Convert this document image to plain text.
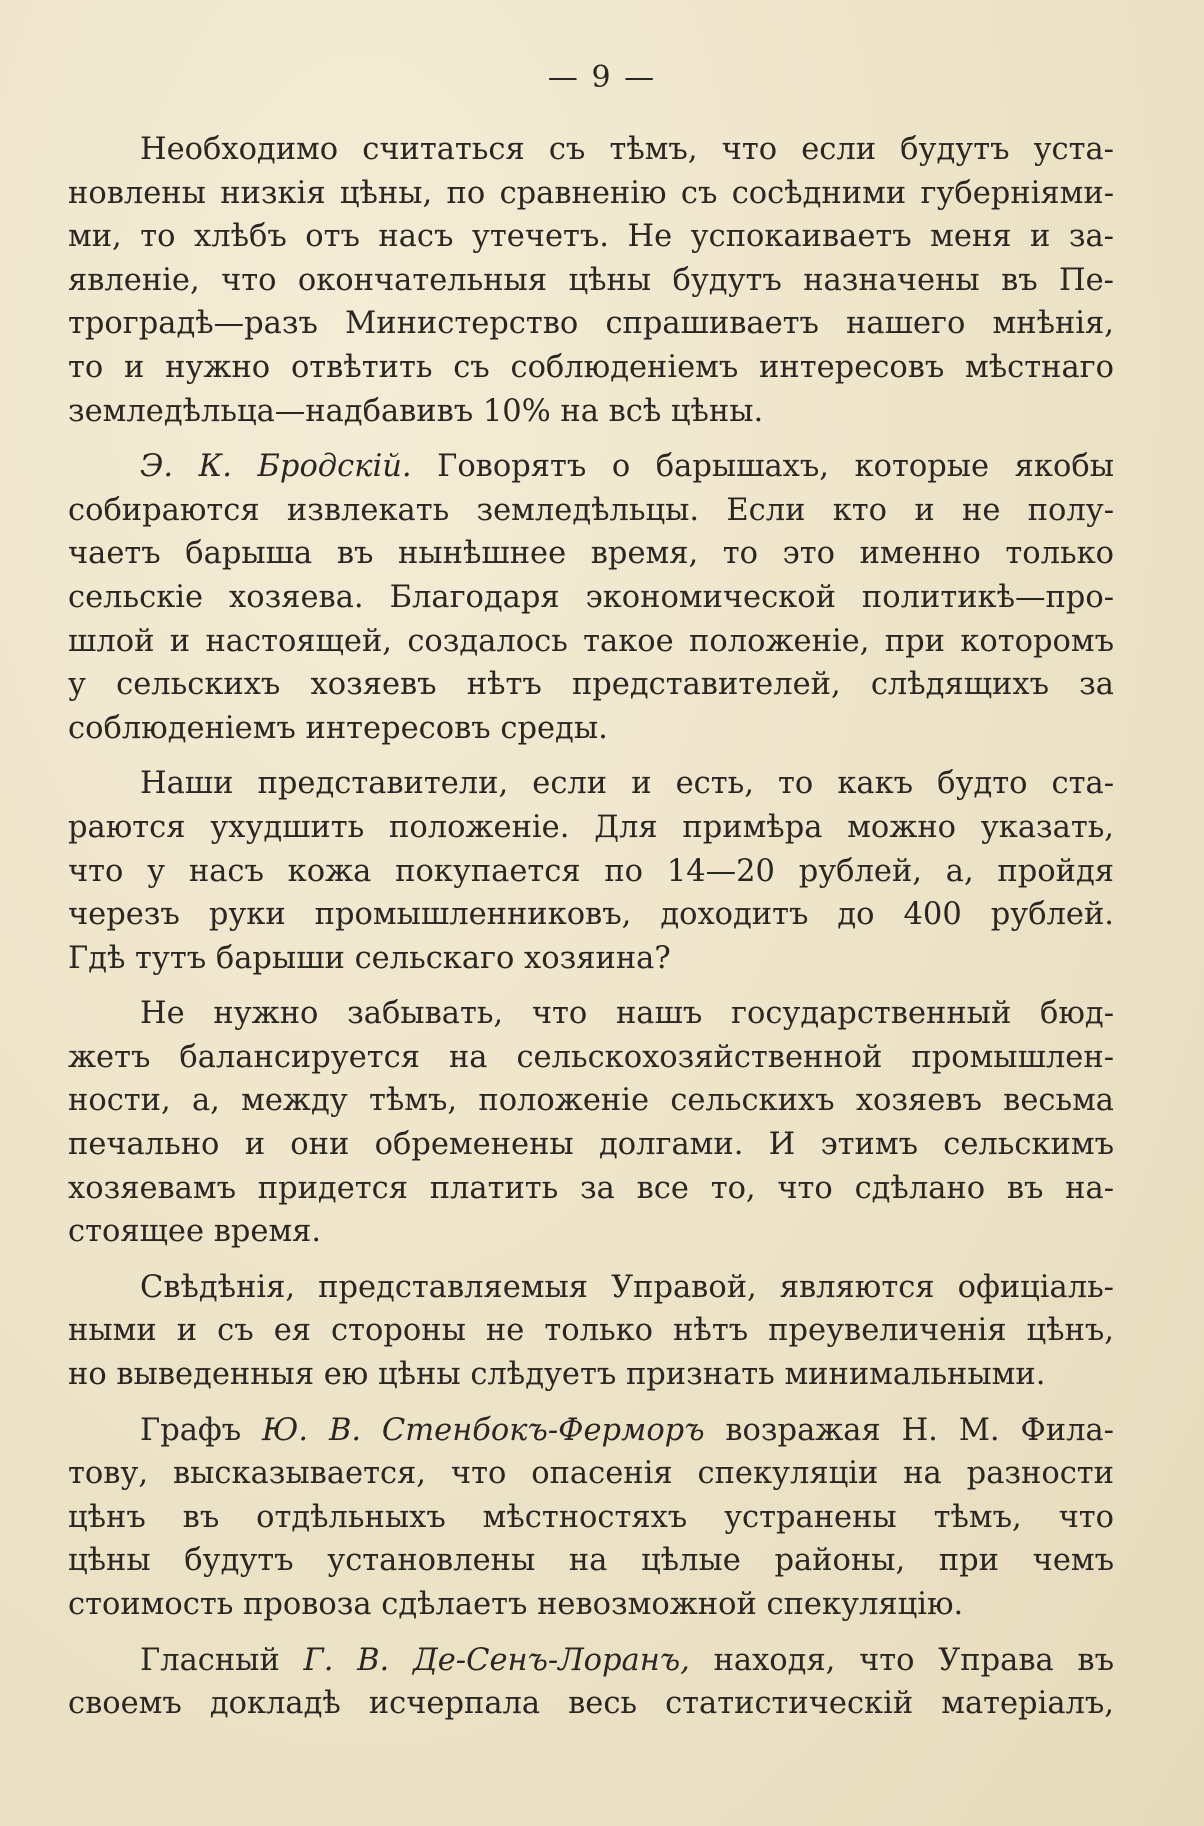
— 9 —
Необходимо считаться съ тѣмъ, что если будутъ уста-
новлены низкія цѣны, по сравненію съ сосѣдними губерніями-
ми, то хлѣбъ отъ насъ утечетъ. Не успокаиваетъ меня и за-
явленіе, что окончательныя цѣны будутъ назначены въ Пе-
троградѣ—разъ Министерство спрашиваетъ нашего мнѣнія,
то и нужно отвѣтить съ соблюденіемъ интересовъ мѣстнаго
земледѣльца—надбавивъ 10% на всѣ цѣны.
Э. К. Бродскій. Говорятъ о барышахъ, которые якобы
собираются извлекать земледѣльцы. Если кто и не полу-
чаетъ барыша въ нынѣшнее время, то это именно только
сельскіе хозяева. Благодаря экономической политикѣ—про-
шлой и настоящей, создалось такое положеніе, при которомъ
у сельскихъ хозяевъ нѣтъ представителей, слѣдящихъ за
соблюденіемъ интересовъ среды.
Наши представители, если и есть, то какъ будто ста-
раются ухудшить положеніе. Для примѣра можно указать,
что у насъ кожа покупается по 14—20 рублей, а, пройдя
черезъ руки промышленниковъ, доходитъ до 400 рублей.
Гдѣ тутъ барыши сельскаго хозяина?
Не нужно забывать, что нашъ государственный бюд-
жетъ балансируется на сельскохозяйственной промышлен-
ности, а, между тѣмъ, положеніе сельскихъ хозяевъ весьма
печально и они обременены долгами. И этимъ сельскимъ
хозяевамъ придется платить за все то, что сдѣлано въ на-
стоящее время.
Свѣдѣнія, представляемыя Управой, являются офиціаль-
ными и съ ея стороны не только нѣтъ преувеличенія цѣнъ,
но выведенныя ею цѣны слѣдуетъ признать минимальными.
Графъ Ю. В. Стенбокъ-Ферморъ возражая Н. М. Фила-
тову, высказывается, что опасенія спекуляціи на разности
цѣнъ въ отдѣльныхъ мѣстностяхъ устранены тѣмъ, что
цѣны будутъ установлены на цѣлые районы, при чемъ
стоимость провоза сдѣлаетъ невозможной спекуляцію.
Гласный Г. В. Де-Сенъ-Лоранъ, находя, что Управа въ
своемъ докладѣ исчерпала весь статистическій матеріалъ,
